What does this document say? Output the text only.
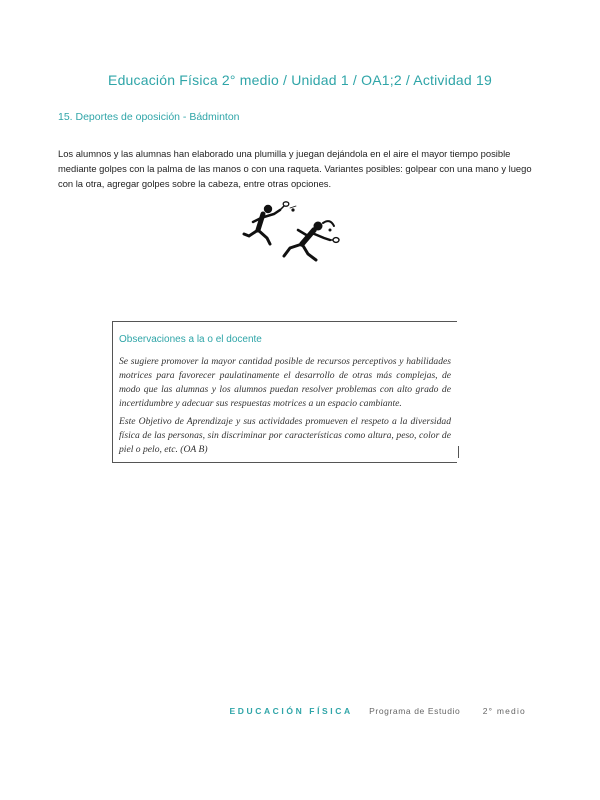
Educación Física 2° medio / Unidad 1 / OA1;2 / Actividad 19
15. Deportes de oposición - Bádminton
Los alumnos y las alumnas han elaborado una plumilla y juegan dejándola en el aire el mayor tiempo posible mediante golpes con la palma de las manos o con una raqueta. Variantes posibles: golpear con una mano y luego con la otra, agregar golpes sobre la cabeza, entre otras opciones.
Observaciones a la o el docente

Se sugiere promover la mayor cantidad posible de recursos perceptivos y habilidades motrices para favorecer paulatinamente el desarrollo de otras más complejas, de modo que las alumnas y los alumnos puedan resolver problemas con alto grado de incertidumbre y adecuar sus respuestas motrices a un espacio cambiante.

Este Objetivo de Aprendizaje y sus actividades promueven el respeto a la diversidad física de las personas, sin discriminar por características como altura, peso, color de piel o pelo, etc. (OA B)

EDUCACIÓN FÍSICA Programa de Estudio	2° medio
